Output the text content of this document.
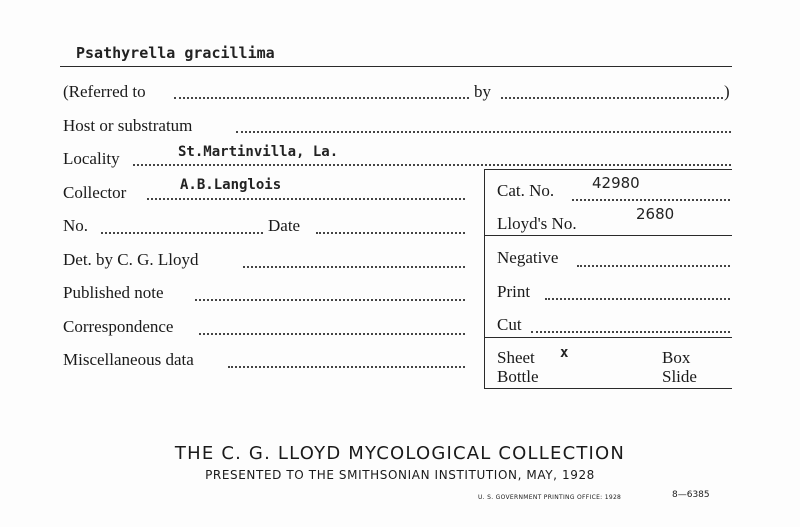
Psathyrella gracillima
(Referred to	by	)
Host or substratum
Locality	St.Martinvilla, La.
Collector	A.B.Langlois	Cat. No.	42980
No.	Date	Lloyd's No.	2680
Det. by C. G. Lloyd	Negative
Published note	Print
Correspondence	Cut
Miscellaneous data	Sheet x	Box
Bottle	Slide
THE C. G. LLOYD MYCOLOGICAL COLLECTION
PRESENTED TO THE SMITHSONIAN INSTITUTION, MAY, 1928
U. S. GOVERNMENT PRINTING OFFICE: 1928	8—6385
